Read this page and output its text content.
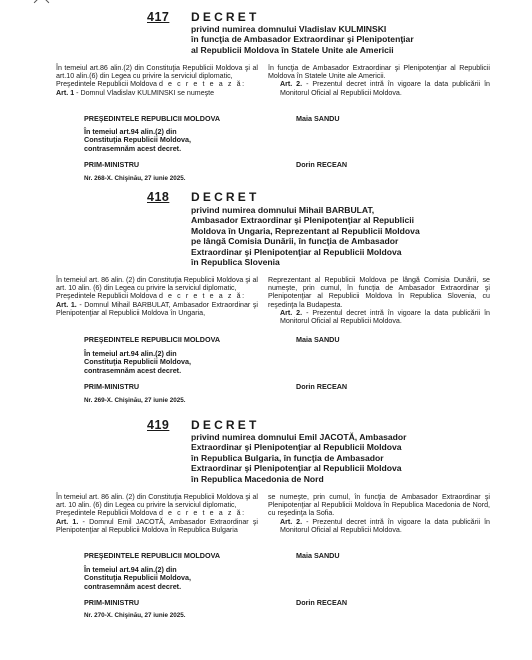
417 DECRET
privind numirea domnului Vladislav KULMINSKI
în funcţia de Ambasador Extraordinar şi Plenipotenţiar
al Republicii Moldova în Statele Unite ale Americii
În temeiul art.86 alin.(2) din Constituţia Republicii Moldova şi al art.10 alin.(6) din Legea cu privire la serviciul diplomatic,
Preşedintele Republicii Moldova d e c r e t e a z ă:
Art. 1 - Domnul Vladislav KULMINSKI se numeşte
în funcţia de Ambasador Extraordinar şi Plenipotenţiar al Republicii Moldova în Statele Unite ale Americii.
Art. 2. - Prezentul decret intră în vigoare la data publicării în Monitorul Oficial al Republicii Moldova.
PREŞEDINTELE REPUBLICII MOLDOVA	Maia SANDU
În temeiul art.94 alin.(2) din
Constituţia Republicii Moldova,
contrasemnăm acest decret.
PRIM-MINISTRU	Dorin RECEAN
Nr. 268-X. Chişinău, 27 iunie 2025.
418 DECRET
privind numirea domnului Mihail BARBULAT,
Ambasador Extraordinar şi Plenipotenţiar al Republicii
Moldova în Ungaria, Reprezentant al Republicii Moldova
pe lângă Comisia Dunării, în funcţia de Ambasador
Extraordinar şi Plenipotenţiar al Republicii Moldova
în Republica Slovenia
În temeiul art. 86 alin. (2) din Constituţia Republicii Moldova şi al art. 10 alin. (6) din Legea cu privire la serviciul diplomatic,
Preşedintele Republicii Moldova d e c r e t e a z ă:
Art. 1. - Domnul Mihail BARBULAT, Ambasador Extraordinar şi Plenipotenţiar al Republicii Moldova în Ungaria,
Reprezentant al Republicii Moldova pe lângă Comisia Dunării, se numeşte, prin cumul, în funcţia de Ambasador Extraordinar şi Plenipotenţiar al Republicii Moldova în Republica Slovenia, cu reşedinţa la Budapesta.
Art. 2. - Prezentul decret intră în vigoare la data publicării în Monitorul Oficial al Republicii Moldova.
PREŞEDINTELE REPUBLICII MOLDOVA	Maia SANDU
În temeiul art.94 alin.(2) din
Constituţia Republicii Moldova,
contrasemnăm acest decret.
PRIM-MINISTRU	Dorin RECEAN
Nr. 269-X. Chişinău, 27 iunie 2025.
419 DECRET
privind numirea domnului Emil JACOTĂ, Ambasador
Extraordinar şi Plenipotenţiar al Republicii Moldova
în Republica Bulgaria, în funcţia de Ambasador
Extraordinar şi Plenipotenţiar al Republicii Moldova
în Republica Macedonia de Nord
În temeiul art. 86 alin. (2) din Constituţia Republicii Moldova şi al art. 10 alin. (6) din Legea cu privire la serviciul diplomatic,
Preşedintele Republicii Moldova d e c r e t e a z ă:
Art. 1. - Domnul Emil JACOTĂ, Ambasador Extraordinar şi Plenipotenţiar al Republicii Moldova în Republica Bulgaria
se numeşte, prin cumul, în funcţia de Ambasador Extraordinar şi Plenipotenţiar al Republicii Moldova în Republica Macedonia de Nord, cu reşedinţa la Sofia.
Art. 2. - Prezentul decret intră în vigoare la data publicării în Monitorul Oficial al Republicii Moldova.
PREŞEDINTELE REPUBLICII MOLDOVA	Maia SANDU
În temeiul art.94 alin.(2) din
Constituţia Republicii Moldova,
contrasemnăm acest decret.
PRIM-MINISTRU	Dorin RECEAN
Nr. 270-X. Chişinău, 27 iunie 2025.
